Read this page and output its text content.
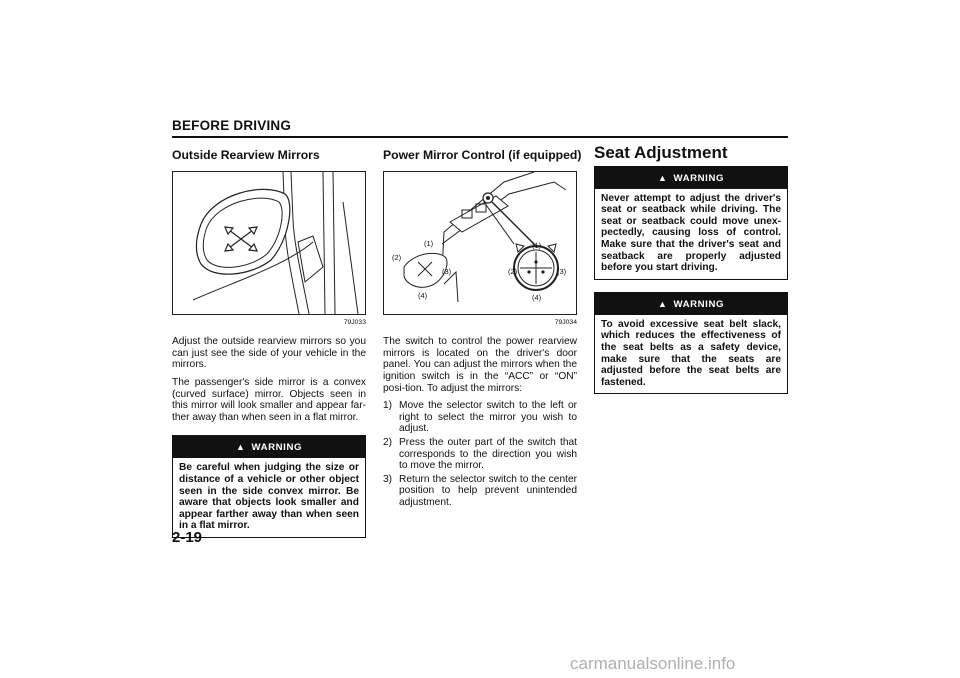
BEFORE DRIVING
Outside Rearview Mirrors
79J033

Adjust the outside rearview mirrors so you can just see the side of your vehicle in the mirrors.

The passenger's side mirror is a convex (curved surface) mirror. Objects seen in this mirror will look smaller and appear far-ther away than when seen in a flat mirror.

▲ WARNING
Be careful when judging the size or distance of a vehicle or other object seen in the side convex mirror. Be aware that objects look smaller and appear farther away than when seen in a flat mirror.
Power Mirror Control (if equipped)
(1)
(2)
(3)
(4)
(1)
(2)	(3)
(4)
79J034

The switch to control the power rearview mirrors is located on the driver's door panel. You can adjust the mirrors when the ignition switch is in the “ACC” or “ON” posi-tion. To adjust the mirrors:

1) Move the selector switch to the left or right to select the mirror you wish to adjust.
2) Press the outer part of the switch that corresponds to the direction you wish to move the mirror.
3) Return the selector switch to the center position to help prevent unintended adjustment.
Seat Adjustment
▲ WARNING
Never attempt to adjust the driver's seat or seatback while driving. The seat or seatback could move unex-pectedly, causing loss of control. Make sure that the driver's seat and seatback are properly adjusted before you start driving.
▲ WARNING
To avoid excessive seat belt slack, which reduces the effectiveness of the seat belts as a safety device, make sure that the seats are adjusted before the seat belts are fastened.
2-19
carmanualsonline.info
